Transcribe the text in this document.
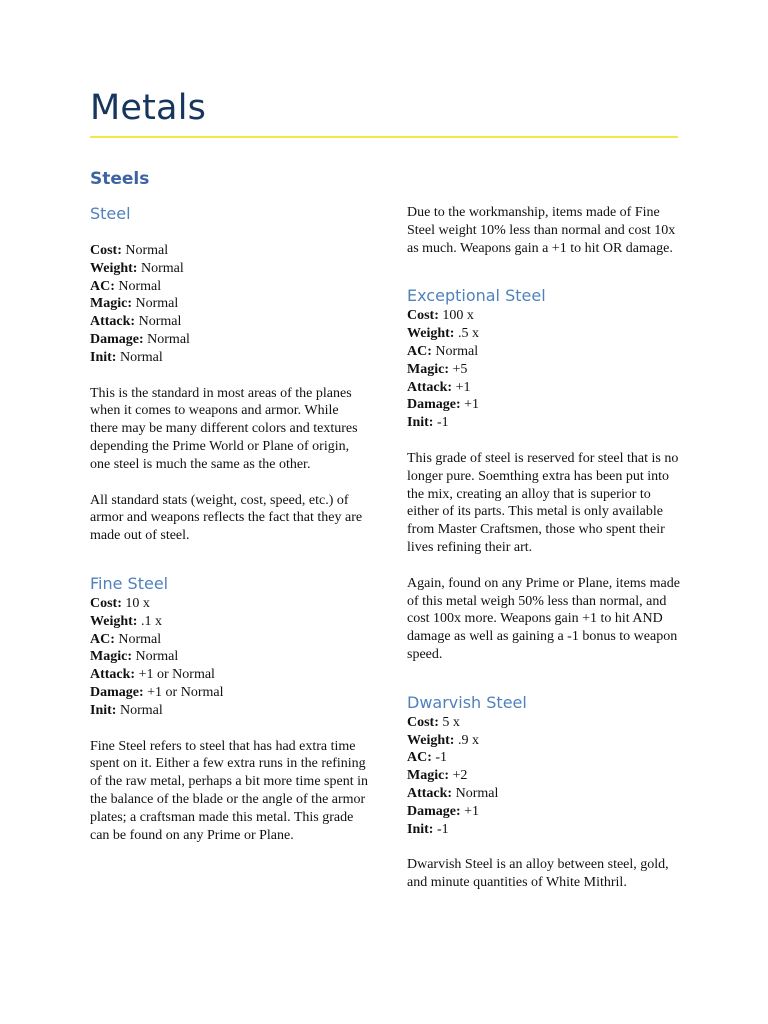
Metals
Steels
Steel
Cost: Normal
Weight: Normal
AC: Normal
Magic: Normal
Attack: Normal
Damage: Normal
Init: Normal

This is the standard in most areas of the planes when it comes to weapons and armor. While there may be many different colors and textures depending the Prime World or Plane of origin, one steel is much the same as the other.

All standard stats (weight, cost, speed, etc.) of armor and weapons reflects the fact that they are made out of steel.

Fine Steel
Cost: 10 x
Weight: .1 x
AC: Normal
Magic: Normal
Attack: +1 or Normal
Damage: +1 or Normal
Init: Normal

Fine Steel refers to steel that has had extra time spent on it. Either a few extra runs in the refining of the raw metal, perhaps a bit more time spent in the balance of the blade or the angle of the armor plates; a craftsman made this metal. This grade can be found on any Prime or Plane.

Due to the workmanship, items made of Fine Steel weight 10% less than normal and cost 10x as much. Weapons gain a +1 to hit OR damage.

Exceptional Steel
Cost: 100 x
Weight: .5 x
AC: Normal
Magic: +5
Attack: +1
Damage: +1
Init: -1

This grade of steel is reserved for steel that is no longer pure. Soemthing extra has been put into the mix, creating an alloy that is superior to either of its parts. This metal is only available from Master Craftsmen, those who spent their lives refining their art.

Again, found on any Prime or Plane, items made of this metal weigh 50% less than normal, and cost 100x more. Weapons gain +1 to hit AND damage as well as gaining a -1 bonus to weapon speed.

Dwarvish Steel
Cost: 5 x
Weight: .9 x
AC: -1
Magic: +2
Attack: Normal
Damage: +1
Init: -1

Dwarvish Steel is an alloy between steel, gold, and minute quantities of White Mithril.
